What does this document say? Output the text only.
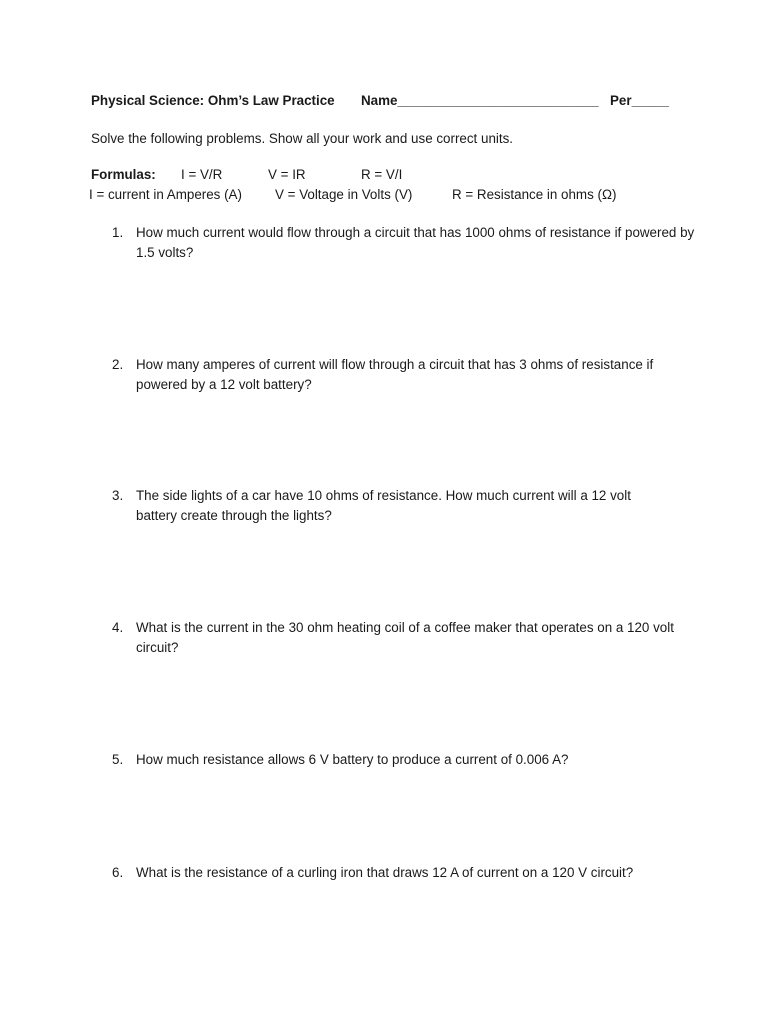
Physical Science: Ohm’s Law Practice Name___________________________ Per_____
Solve the following problems. Show all your work and use correct units.
Formulas: I = V/R	V = IR	R = V/I
I = current in Amperes (A) V = Voltage in Volts (V)	R = Resistance in ohms (Ω)
1. How much current would flow through a circuit that has 1000 ohms of resistance if powered by 1.5 volts?
2. How many amperes of current will flow through a circuit that has 3 ohms of resistance if powered by a 12 volt battery?
3. The side lights of a car have 10 ohms of resistance. How much current will a 12 volt battery create through the lights?
4. What is the current in the 30 ohm heating coil of a coffee maker that operates on a 120 volt circuit?
5. How much resistance allows 6 V battery to produce a current of 0.006 A?
6. What is the resistance of a curling iron that draws 12 A of current on a 120 V circuit?
